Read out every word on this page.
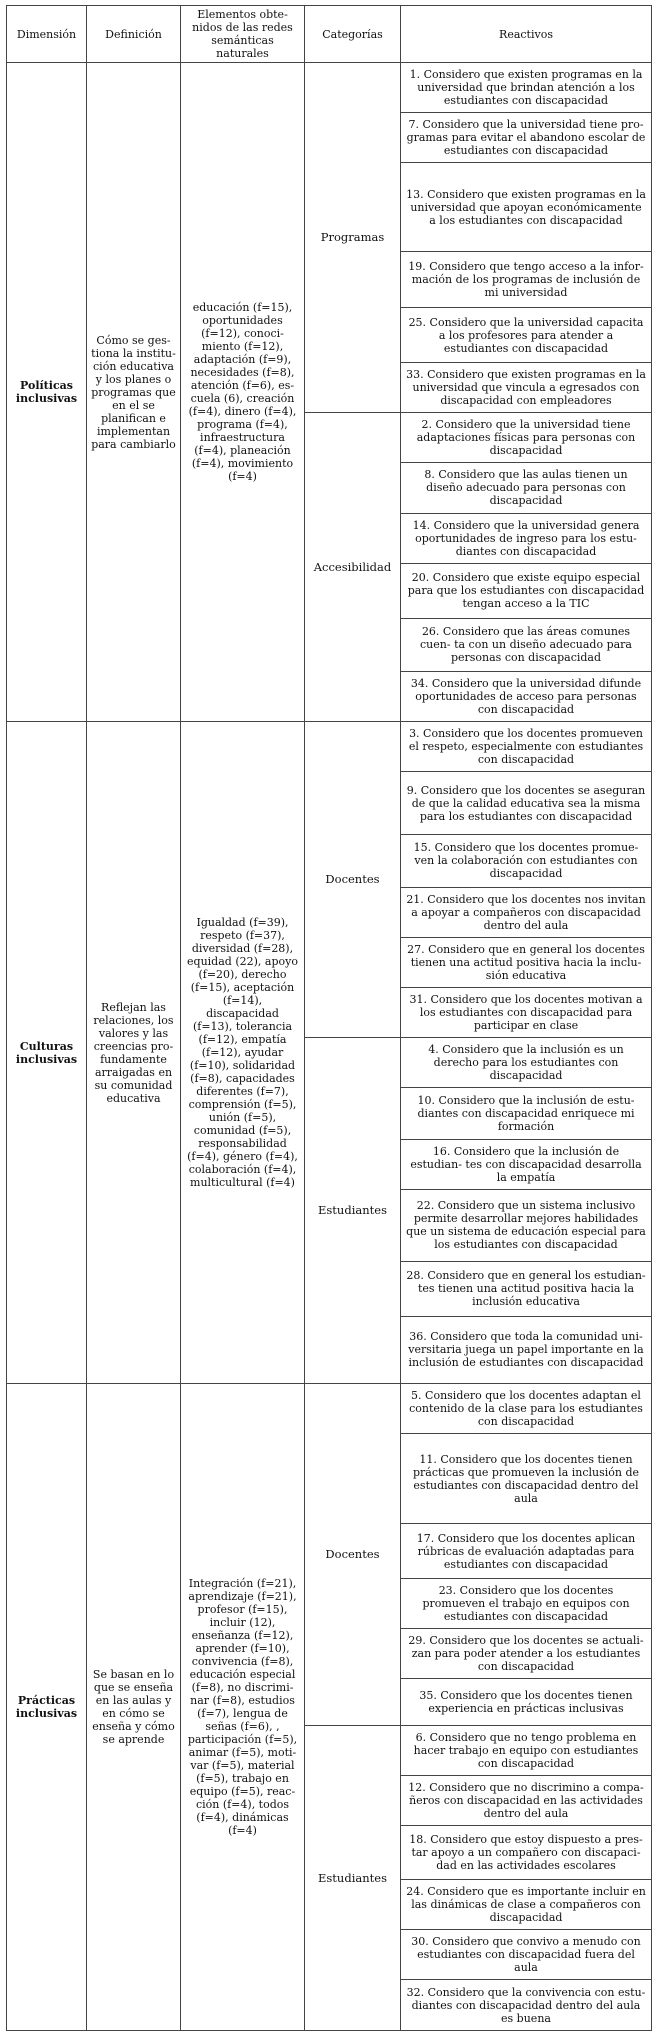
Dimensión	Definición	Elementos obte- nidos de las redes semánticas naturales	Categorías	Reactivos
Políticas inclusivas	Cómo se ges- tiona la institu- ción educativa y los planes o programas que en el se planifican e implementan para cambiarlo	educación (f=15), oportunidades (f=12), conoci- miento (f=12), adaptación (f=9), necesidades (f=8), atención (f=6), es- cuela (6), creación (f=4), dinero (f=4), programa (f=4), infraestructura (f=4), planeación (f=4), movimiento (f=4)	Programas	1. Considero que existen programas en la universidad que brindan atención a los estudiantes con discapacidad
				7. Considero que la universidad tiene pro- gramas para evitar el abandono escolar de estudiantes con discapacidad
				13. Considero que existen programas en la universidad que apoyan económicamente a los estudiantes con discapacidad
				19. Considero que tengo acceso a la infor- mación de los programas de inclusión de mi universidad
				25. Considero que la universidad capacita a los profesores para atender a estudiantes con discapacidad
				33. Considero que existen programas en la universidad que vincula a egresados con discapacidad con empleadores
			Accesibilidad	2. Considero que la universidad tiene adaptaciones físicas para personas con discapacidad
				8. Considero que las aulas tienen un diseño adecuado para personas con discapacidad
				14. Considero que la universidad genera oportunidades de ingreso para los estu- diantes con discapacidad
				20. Considero que existe equipo especial para que los estudiantes con discapacidad tengan acceso a la TIC
				26. Considero que las áreas comunes cuen- ta con un diseño adecuado para personas con discapacidad
				34. Considero que la universidad difunde oportunidades de acceso para personas con discapacidad
Culturas inclusivas	Reflejan las relaciones, los valores y las creencias pro- fundamente arraigadas en su comunidad educativa	Igualdad (f=39), respeto (f=37), diversidad (f=28), equidad (22), apoyo (f=20), derecho (f=15), aceptación (f=14), discapacidad (f=13), tolerancia (f=12), empatía (f=12), ayudar (f=10), solidaridad (f=8), capacidades diferentes (f=7), comprensión (f=5), unión (f=5), comunidad (f=5), responsabilidad (f=4), género (f=4), colaboración (f=4), multicultural (f=4)	Docentes	3. Considero que los docentes promueven el respeto, especialmente con estudiantes con discapacidad
				9. Considero que los docentes se aseguran de que la calidad educativa sea la misma para los estudiantes con discapacidad
				15. Considero que los docentes promue- ven la colaboración con estudiantes con discapacidad
				21. Considero que los docentes nos invitan a apoyar a compañeros con discapacidad dentro del aula
				27. Considero que en general los docentes tienen una actitud positiva hacia la inclu- sión educativa
				31. Considero que los docentes motivan a los estudiantes con discapacidad para participar en clase
			Estudiantes	4. Considero que la inclusión es un derecho para los estudiantes con discapacidad
				10. Considero que la inclusión de estu- diantes con discapacidad enriquece mi formación
				16. Considero que la inclusión de estudian- tes con discapacidad desarrolla la empatía
				22. Considero que un sistema inclusivo permite desarrollar mejores habilidades que un sistema de educación especial para los estudiantes con discapacidad
				28. Considero que en general los estudian- tes tienen una actitud positiva hacia la inclusión educativa
				36. Considero que toda la comunidad uni- versitaria juega un papel importante en la inclusión de estudiantes con discapacidad
Prácticas inclusivas	Se basan en lo que se enseña en las aulas y en cómo se enseña y cómo se aprende	Integración (f=21), aprendizaje (f=21), profesor (f=15), incluir (12), enseñanza (f=12), aprender (f=10), convivencia (f=8), educación especial (f=8), no discrimi- nar (f=8), estudios (f=7), lengua de señas (f=6), , participación (f=5), animar (f=5), moti- var (f=5), material (f=5), trabajo en equipo (f=5), reac- ción (f=4), todos (f=4), dinámicas (f=4)	Docentes	5. Considero que los docentes adaptan el contenido de la clase para los estudiantes con discapacidad
				11. Considero que los docentes tienen prácticas que promueven la inclusión de estudiantes con discapacidad dentro del aula
				17. Considero que los docentes aplican rúbricas de evaluación adaptadas para estudiantes con discapacidad
				23. Considero que los docentes promueven el trabajo en equipos con estudiantes con discapacidad
				29. Considero que los docentes se actuali- zan para poder atender a los estudiantes con discapacidad
				35. Considero que los docentes tienen experiencia en prácticas inclusivas
			Estudiantes	6. Considero que no tengo problema en hacer trabajo en equipo con estudiantes con discapacidad
				12. Considero que no discrimino a compa- ñeros con discapacidad en las actividades dentro del aula
				18. Considero que estoy dispuesto a pres- tar apoyo a un compañero con discapaci- dad en las actividades escolares
				24. Considero que es importante incluir en las dinámicas de clase a compañeros con discapacidad
				30. Considero que convivo a menudo con estudiantes con discapacidad fuera del aula
				32. Considero que la convivencia con estu- diantes con discapacidad dentro del aula es buena
